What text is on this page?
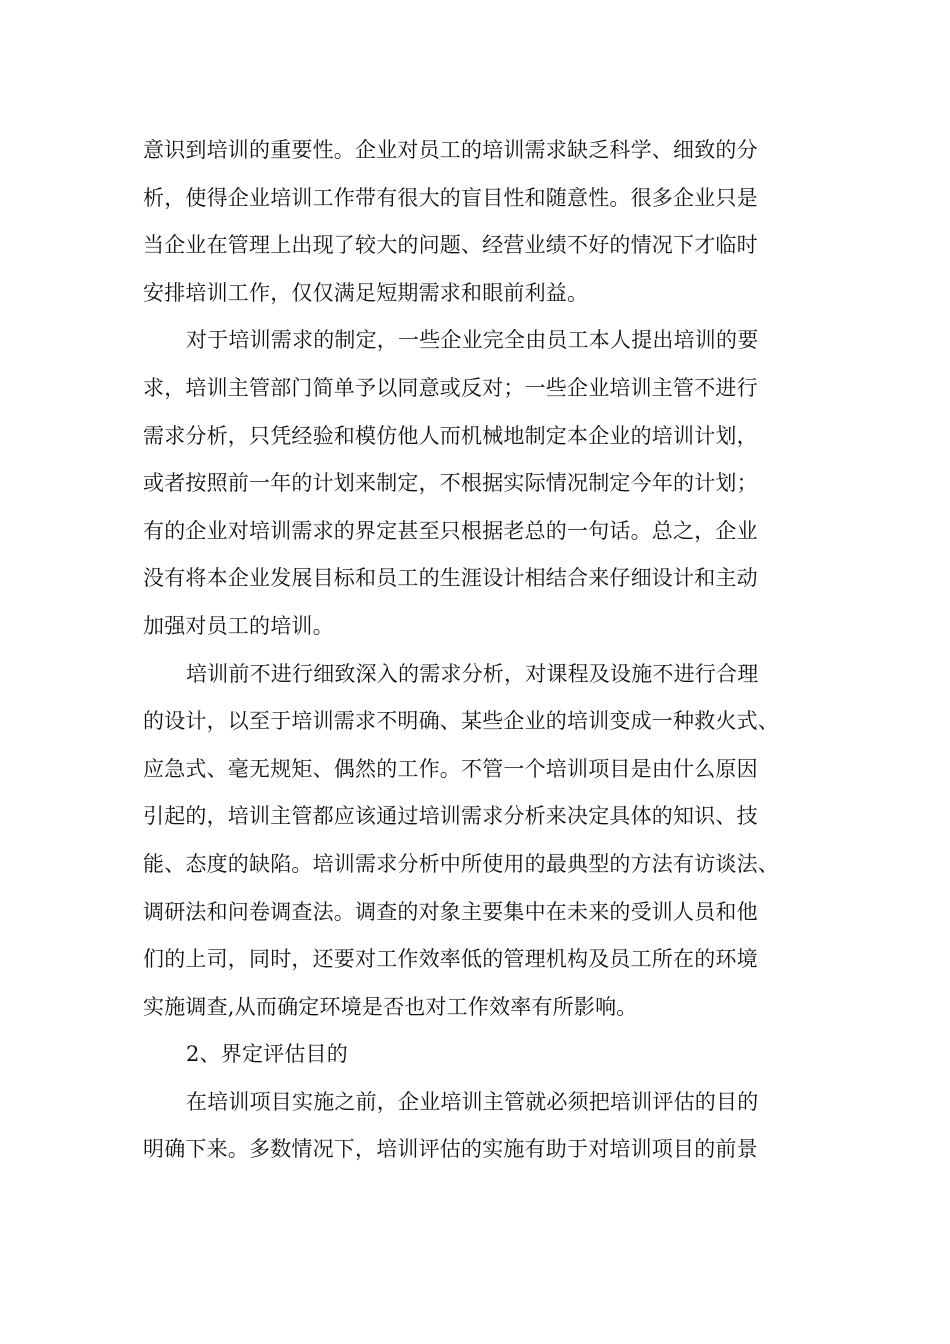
意识到培训的重要性。企业对员工的培训需求缺乏科学、细致的分
析，使得企业培训工作带有很大的盲目性和随意性。很多企业只是
当企业在管理上出现了较大的问题、经营业绩不好的情况下才临时
安排培训工作，仅仅满足短期需求和眼前利益。
对于培训需求的制定，一些企业完全由员工本人提出培训的要
求，培训主管部门简单予以同意或反对；一些企业培训主管不进行
需求分析，只凭经验和模仿他人而机械地制定本企业的培训计划，
或者按照前一年的计划来制定，不根据实际情况制定今年的计划；
有的企业对培训需求的界定甚至只根据老总的一句话。总之，企业
没有将本企业发展目标和员工的生涯设计相结合来仔细设计和主动
加强对员工的培训。
培训前不进行细致深入的需求分析，对课程及设施不进行合理
的设计，以至于培训需求不明确、某些企业的培训变成一种救火式、
应急式、毫无规矩、偶然的工作。不管一个培训项目是由什么原因
引起的，培训主管都应该通过培训需求分析来决定具体的知识、技
能、态度的缺陷。培训需求分析中所使用的最典型的方法有访谈法、
调研法和问卷调查法。调查的对象主要集中在未来的受训人员和他
们的上司，同时，还要对工作效率低的管理机构及员工所在的环境
实施调查,从而确定环境是否也对工作效率有所影响。
2、界定评估目的
在培训项目实施之前，企业培训主管就必须把培训评估的目的
明确下来。多数情况下，培训评估的实施有助于对培训项目的前景
